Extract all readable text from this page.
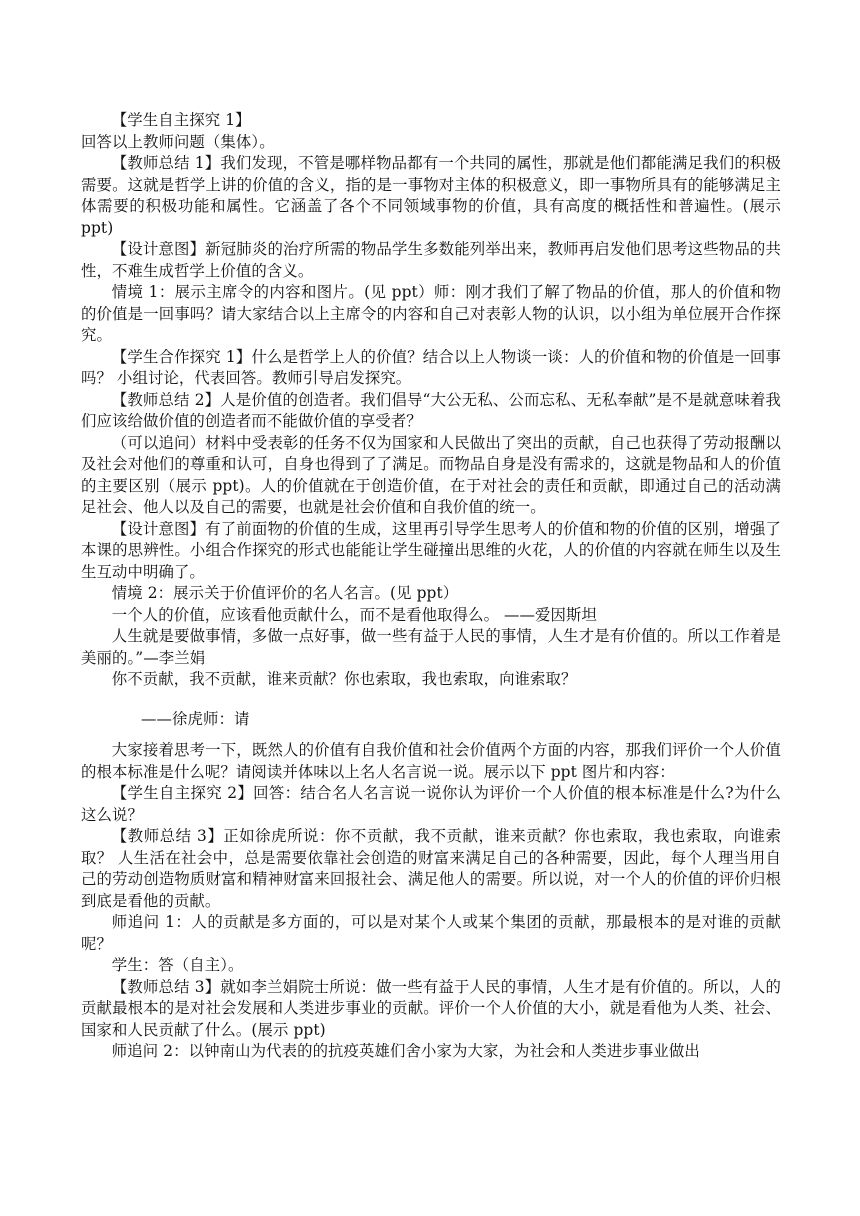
【学生自主探究 1】

回答以上教师问题（集体）。

【教师总结 1】我们发现，不管是哪样物品都有一个共同的属性，那就是他们都能满足我们的积极需要。这就是哲学上讲的价值的含义，指的是一事物对主体的积极意义，即一事物所具有的能够满足主体需要的积极功能和属性。它涵盖了各个不同领域事物的价值，具有高度的概括性和普遍性。(展示 ppt)

【设计意图】新冠肺炎的治疗所需的物品学生多数能列举出来，教师再启发他们思考这些物品的共性，不难生成哲学上价值的含义。

情境 1：展示主席令的内容和图片。(见 ppt）师：刚才我们了解了物品的价值，那人的价值和物的价值是一回事吗？请大家结合以上主席令的内容和自己对表彰人物的认识，以小组为单位展开合作探究。

【学生合作探究 1】什么是哲学上人的价值？结合以上人物谈一谈：人的价值和物的价值是一回事吗？ 小组讨论，代表回答。教师引导启发探究。

【教师总结 2】人是价值的创造者。我们倡导“大公无私、公而忘私、无私奉献”是不是就意味着我们应该给做价值的创造者而不能做价值的享受者？

（可以追问）材料中受表彰的任务不仅为国家和人民做出了突出的贡献，自己也获得了劳动报酬以及社会对他们的尊重和认可，自身也得到了了满足。而物品自身是没有需求的，这就是物品和人的价值的主要区别（展示 ppt)。人的价值就在于创造价值，在于对社会的责任和贡献，即通过自己的活动满足社会、他人以及自己的需要，也就是社会价值和自我价值的统一。

【设计意图】有了前面物的价值的生成，这里再引导学生思考人的价值和物的价值的区别，增强了本课的思辨性。小组合作探究的形式也能能让学生碰撞出思维的火花，人的价值的内容就在师生以及生生互动中明确了。

情境 2：展示关于价值评价的名人名言。(见 ppt）

一个人的价值，应该看他贡献什么，而不是看他取得么。 ——爱因斯坦

人生就是要做事情，多做一点好事，做一些有益于人民的事情，人生才是有价值的。所以工作着是美丽的。”—李兰娟

你不贡献，我不贡献，谁来贡献？你也索取，我也索取，向谁索取？

——徐虎师：请

大家接着思考一下，既然人的价值有自我价值和社会价值两个方面的内容，那我们评价一个人价值的根本标准是什么呢？请阅读并体味以上名人名言说一说。展示以下 ppt 图片和内容：

【学生自主探究 2】回答：结合名人名言说一说你认为评价一个人价值的根本标准是什么?为什么这么说？

【教师总结 3】正如徐虎所说：你不贡献，我不贡献，谁来贡献？你也索取，我也索取，向谁索取？ 人生活在社会中，总是需要依靠社会创造的财富来满足自己的各种需要，因此，每个人理当用自己的劳动创造物质财富和精神财富来回报社会、满足他人的需要。所以说，对一个人的价值的评价归根到底是看他的贡献。

师追问 1：人的贡献是多方面的，可以是对某个人或某个集团的贡献，那最根本的是对谁的贡献呢？

学生：答（自主）。

【教师总结 3】就如李兰娟院士所说：做一些有益于人民的事情，人生才是有价值的。所以，人的贡献最根本的是对社会发展和人类进步事业的贡献。评价一个人价值的大小，就是看他为人类、社会、国家和人民贡献了什么。(展示 ppt)

师追问 2：以钟南山为代表的的抗疫英雄们舍小家为大家，为社会和人类进步事业做出
